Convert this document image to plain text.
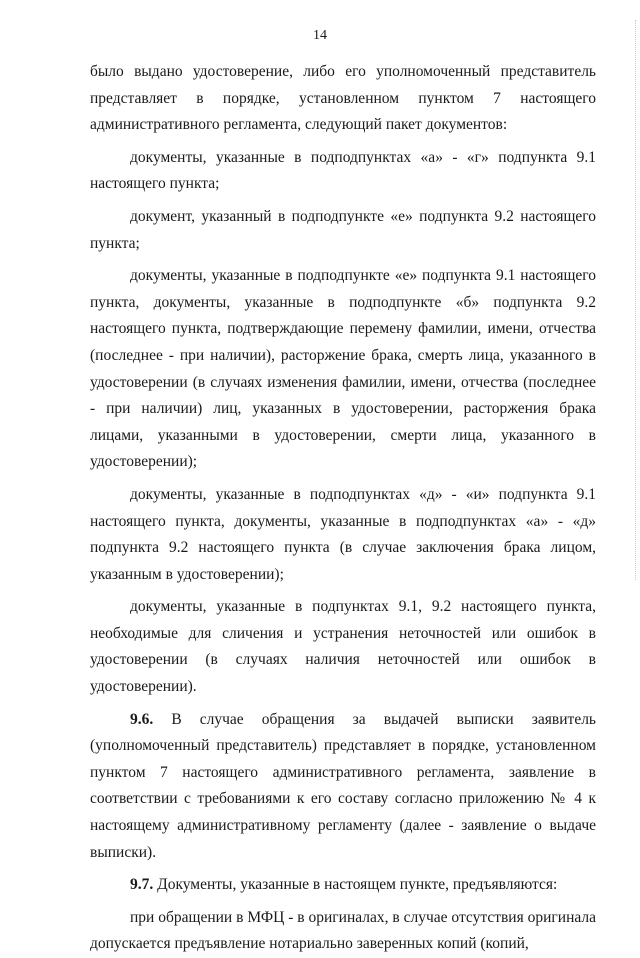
14

было выдано удостоверение, либо его уполномоченный представитель представляет в порядке, установленном пунктом 7 настоящего административного регламента, следующий пакет документов:

документы, указанные в подподпунктах «а» - «г» подпункта 9.1 настоящего пункта;

документ, указанный в подподпункте «е» подпункта 9.2 настоящего пункта;

документы, указанные в подподпункте «е» подпункта 9.1 настоящего пункта, документы, указанные в подподпункте «б» подпункта 9.2 настоящего пункта, подтверждающие перемену фамилии, имени, отчества (последнее - при наличии), расторжение брака, смерть лица, указанного в удостоверении (в случаях изменения фамилии, имени, отчества (последнее - при наличии) лиц, указанных в удостоверении, расторжения брака лицами, указанными в удостоверении, смерти лица, указанного в удостоверении);

документы, указанные в подподпунктах «д» - «и» подпункта 9.1 настоящего пункта, документы, указанные в подподпунктах «а» - «д» подпункта 9.2 настоящего пункта (в случае заключения брака лицом, указанным в удостоверении);

документы, указанные в подпунктах 9.1, 9.2 настоящего пункта, необходимые для сличения и устранения неточностей или ошибок в удостоверении (в случаях наличия неточностей или ошибок в удостоверении).

9.6. В случае обращения за выдачей выписки заявитель (уполномоченный представитель) представляет в порядке, установленном пунктом 7 настоящего административного регламента, заявление в соответствии с требованиями к его составу согласно приложению № 4 к настоящему административному регламенту (далее - заявление о выдаче выписки).

9.7. Документы, указанные в настоящем пункте, предъявляются:

при обращении в МФЦ - в оригиналах, в случае отсутствия оригинала допускается предъявление нотариально заверенных копий (копий,
